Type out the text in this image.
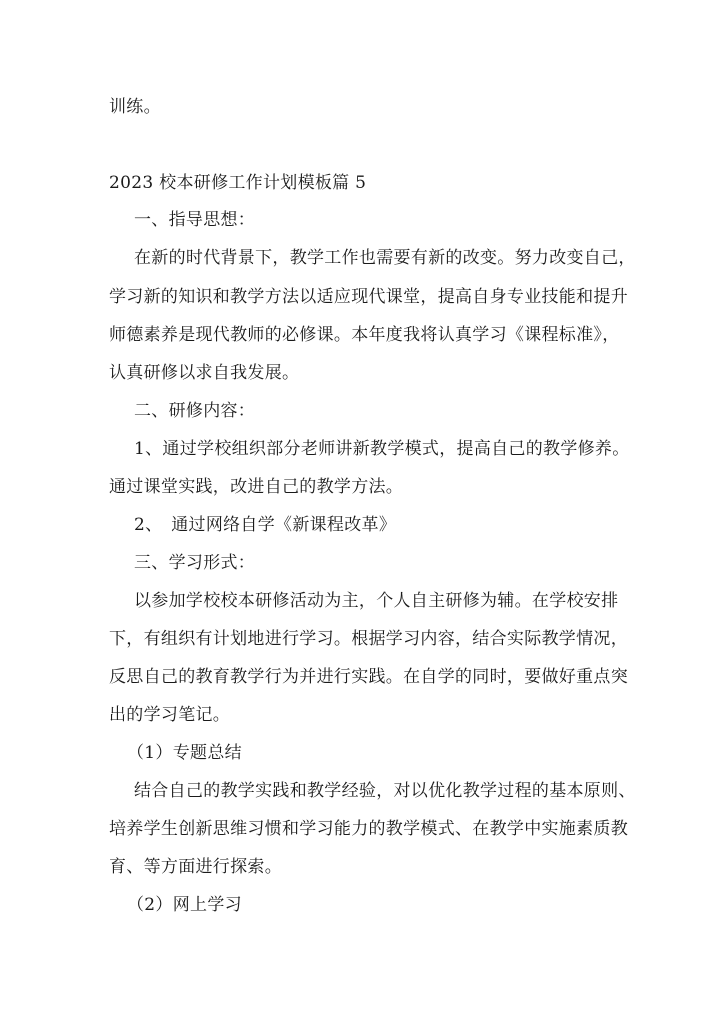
训练。
2023 校本研修工作计划模板篇 5
一、指导思想：
在新的时代背景下，教学工作也需要有新的改变。努力改变自己，
学习新的知识和教学方法以适应现代课堂，提高自身专业技能和提升
师德素养是现代教师的必修课。本年度我将认真学习《课程标准》，
认真研修以求自我发展。
二、研修内容：
1、通过学校组织部分老师讲新教学模式，提高自己的教学修养。
通过课堂实践，改进自己的教学方法。
2、　通过网络自学《新课程改革》
三、学习形式：
以参加学校校本研修活动为主，个人自主研修为辅。在学校安排
下，有组织有计划地进行学习。根据学习内容，结合实际教学情况，
反思自己的教育教学行为并进行实践。在自学的同时，要做好重点突
出的学习笔记。
（1）专题总结
结合自己的教学实践和教学经验，对以优化教学过程的基本原则、
培养学生创新思维习惯和学习能力的教学模式、在教学中实施素质教
育、等方面进行探索。
（2）网上学习
